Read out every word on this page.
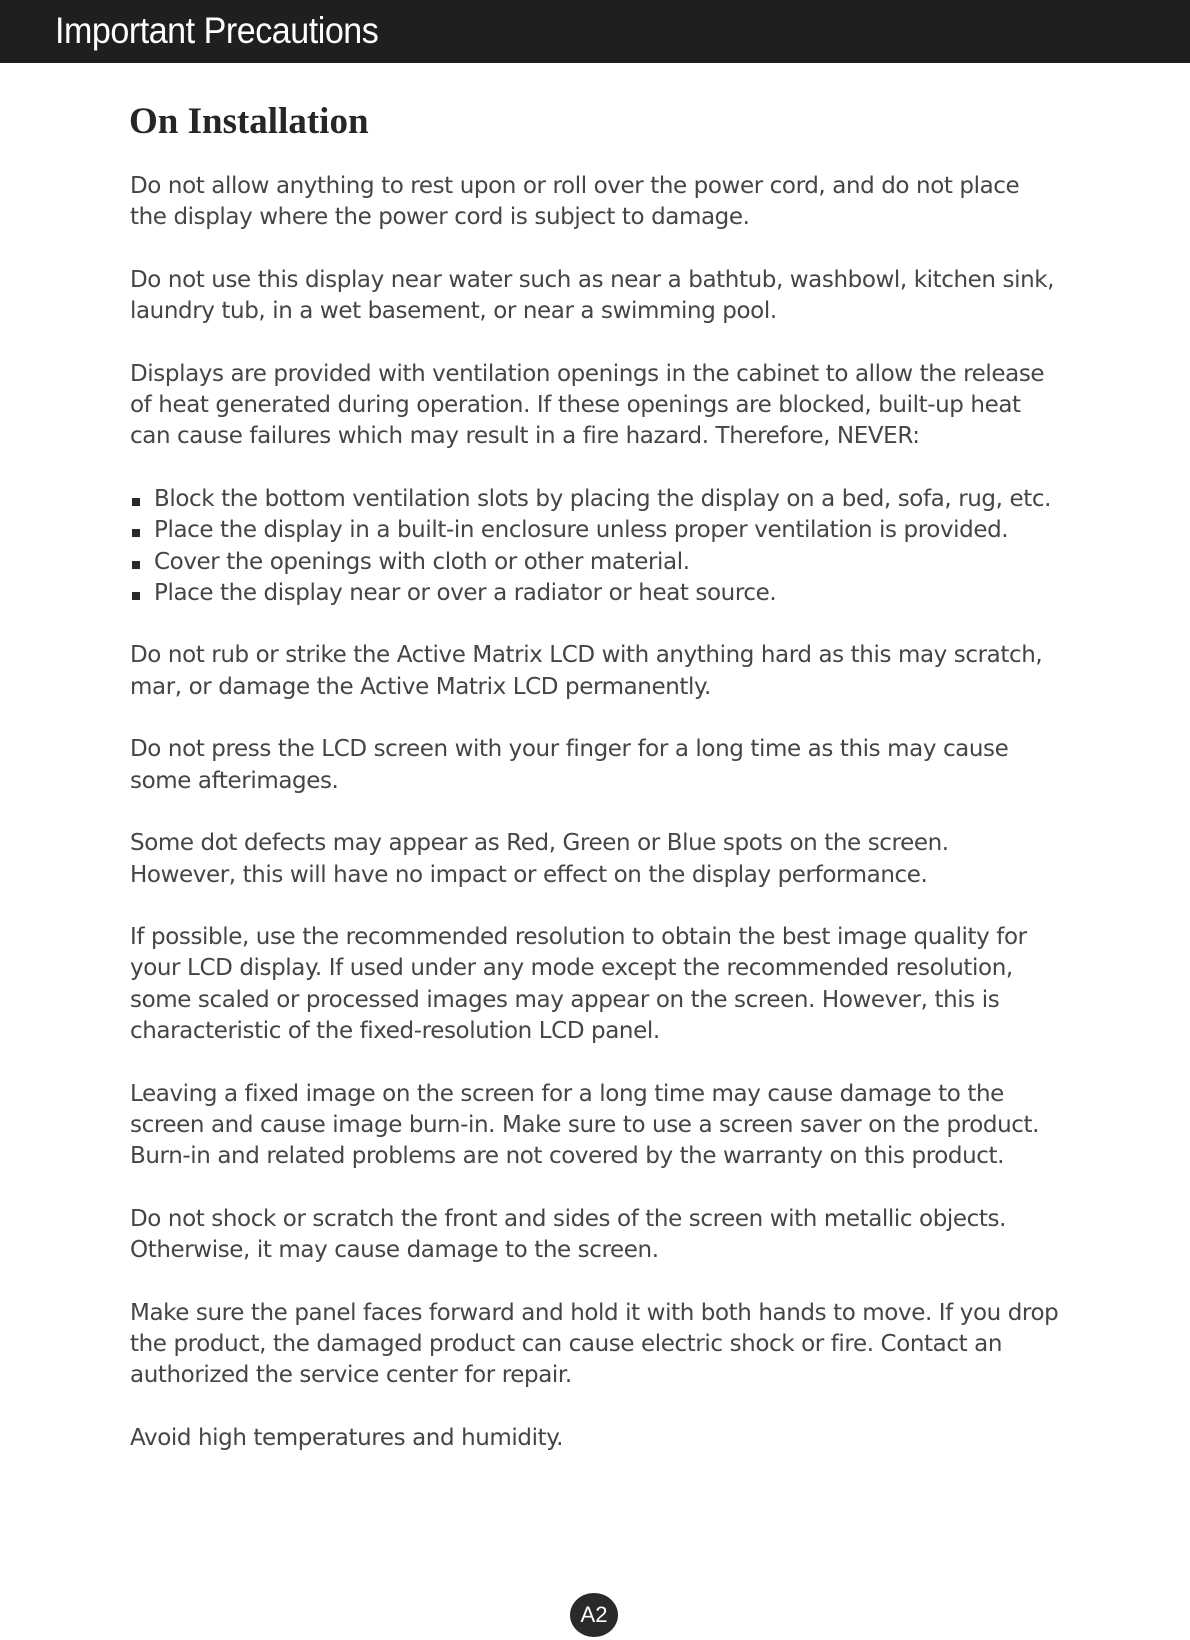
Important Precautions
On Installation

Do not allow anything to rest upon or roll over the power cord, and do not place the display where the power cord is subject to damage.

Do not use this display near water such as near a bathtub, washbowl, kitchen sink, laundry tub, in a wet basement, or near a swimming pool.

Displays are provided with ventilation openings in the cabinet to allow the release of heat generated during operation. If these openings are blocked, built-up heat can cause failures which may result in a fire hazard. Therefore, NEVER:

Block the bottom ventilation slots by placing the display on a bed, sofa, rug, etc.
Place the display in a built-in enclosure unless proper ventilation is provided.
Cover the openings with cloth or other material.
Place the display near or over a radiator or heat source.

Do not rub or strike the Active Matrix LCD with anything hard as this may scratch, mar, or damage the Active Matrix LCD permanently.

Do not press the LCD screen with your finger for a long time as this may cause some afterimages.

Some dot defects may appear as Red, Green or Blue spots on the screen. However, this will have no impact or effect on the display performance.

If possible, use the recommended resolution to obtain the best image quality for your LCD display. If used under any mode except the recommended resolution, some scaled or processed images may appear on the screen. However, this is characteristic of the fixed-resolution LCD panel.

Leaving a fixed image on the screen for a long time may cause damage to the screen and cause image burn-in. Make sure to use a screen saver on the product. Burn-in and related problems are not covered by the warranty on this product.

Do not shock or scratch the front and sides of the screen with metallic objects. Otherwise, it may cause damage to the screen.

Make sure the panel faces forward and hold it with both hands to move. If you drop the product, the damaged product can cause electric shock or fire. Contact an authorized the service center for repair.

Avoid high temperatures and humidity.

A2
